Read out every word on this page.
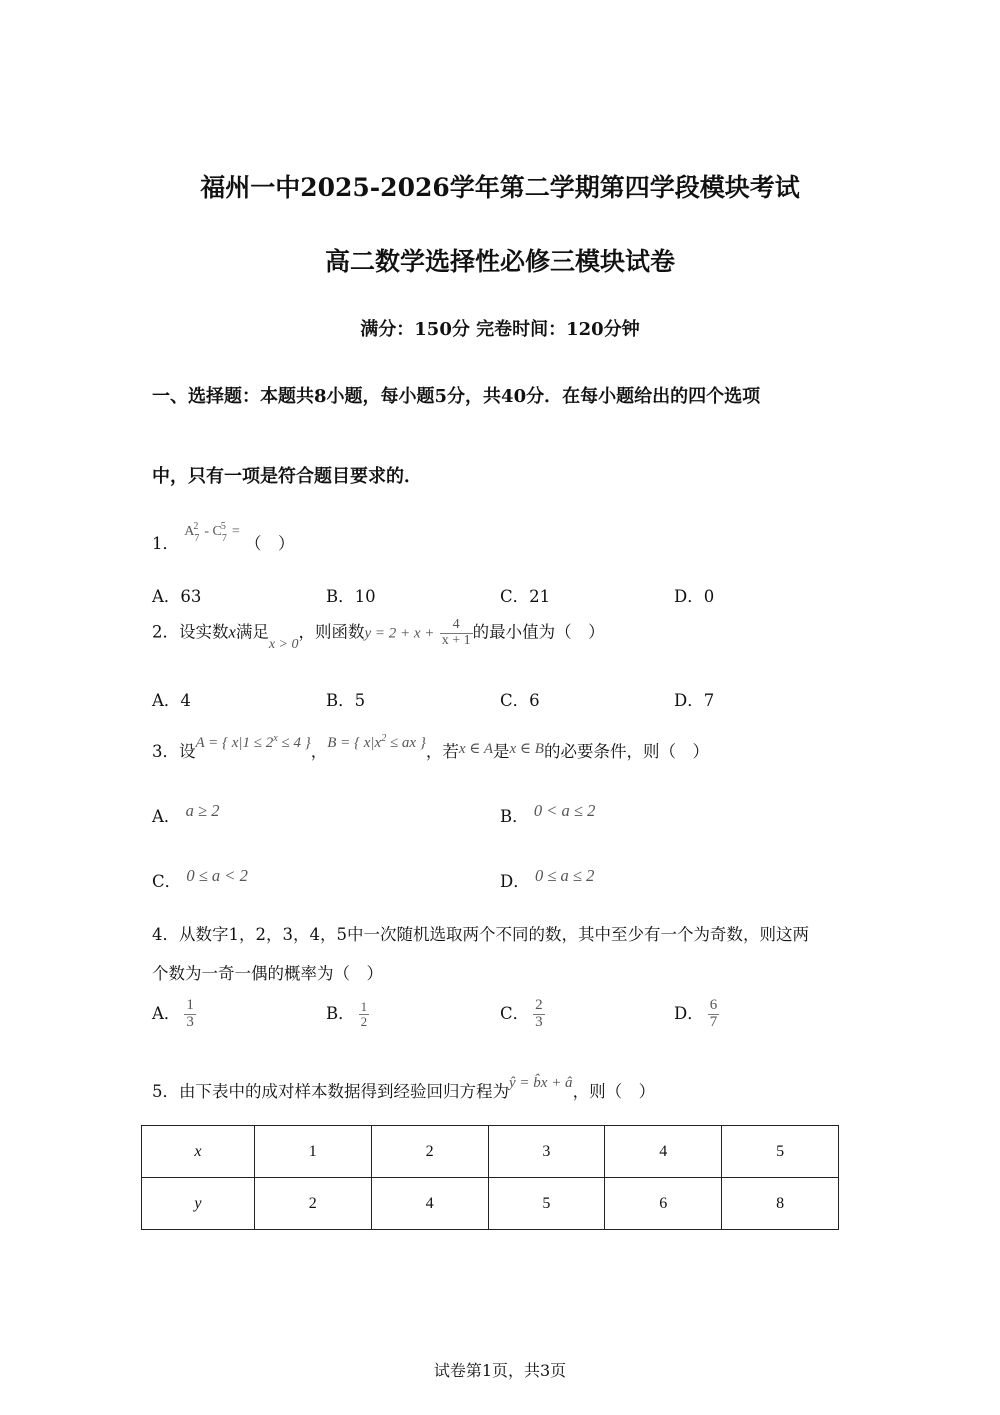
福州一中2025-2026学年第二学期第四学段模块考试
高二数学选择性必修三模块试卷
满分：150分 完卷时间：120分钟
一、选择题：本题共8小题，每小题5分，共40分．在每小题给出的四个选项
中，只有一项是符合题目要求的．
1． $^{A_7^2 - C_7^5 =}$ （　）
A．63	B．10	C．21	D．0
2．设实数x满足$_{x > 0}$，则函数$y = 2 + x + \frac{4}{x + 1}$ 的最小值为（　）
A．4	B．5	C．6	D．7
3．设A = { $x|1 \le 2^x \le 4$ }，B = { $x|x^2$ ≤ ax }，若x ∈ A是x ∈ B的必要条件，则（　）
A． a ≥ 2	B． 0 < a ≤ 2
C． 0 ≤ a < 2	D． 0 ≤ a ≤ 2
4．从数字1，2，3，4，5中一次随机选取两个不同的数，其中至少有一个为奇数，则这两
个数为一奇一偶的概率为（　）
A． $\frac{1}{3}$	B． $\frac{1}{2}$	C． $\frac{2}{3}$	D． $\frac{6}{7}$
5．由下表中的成对样本数据得到经验回归方程为ŷ = b̂x + â，则（　）
x	1	2	3	4	5
y	2	4	5	6	8
试卷第1页，共3页
